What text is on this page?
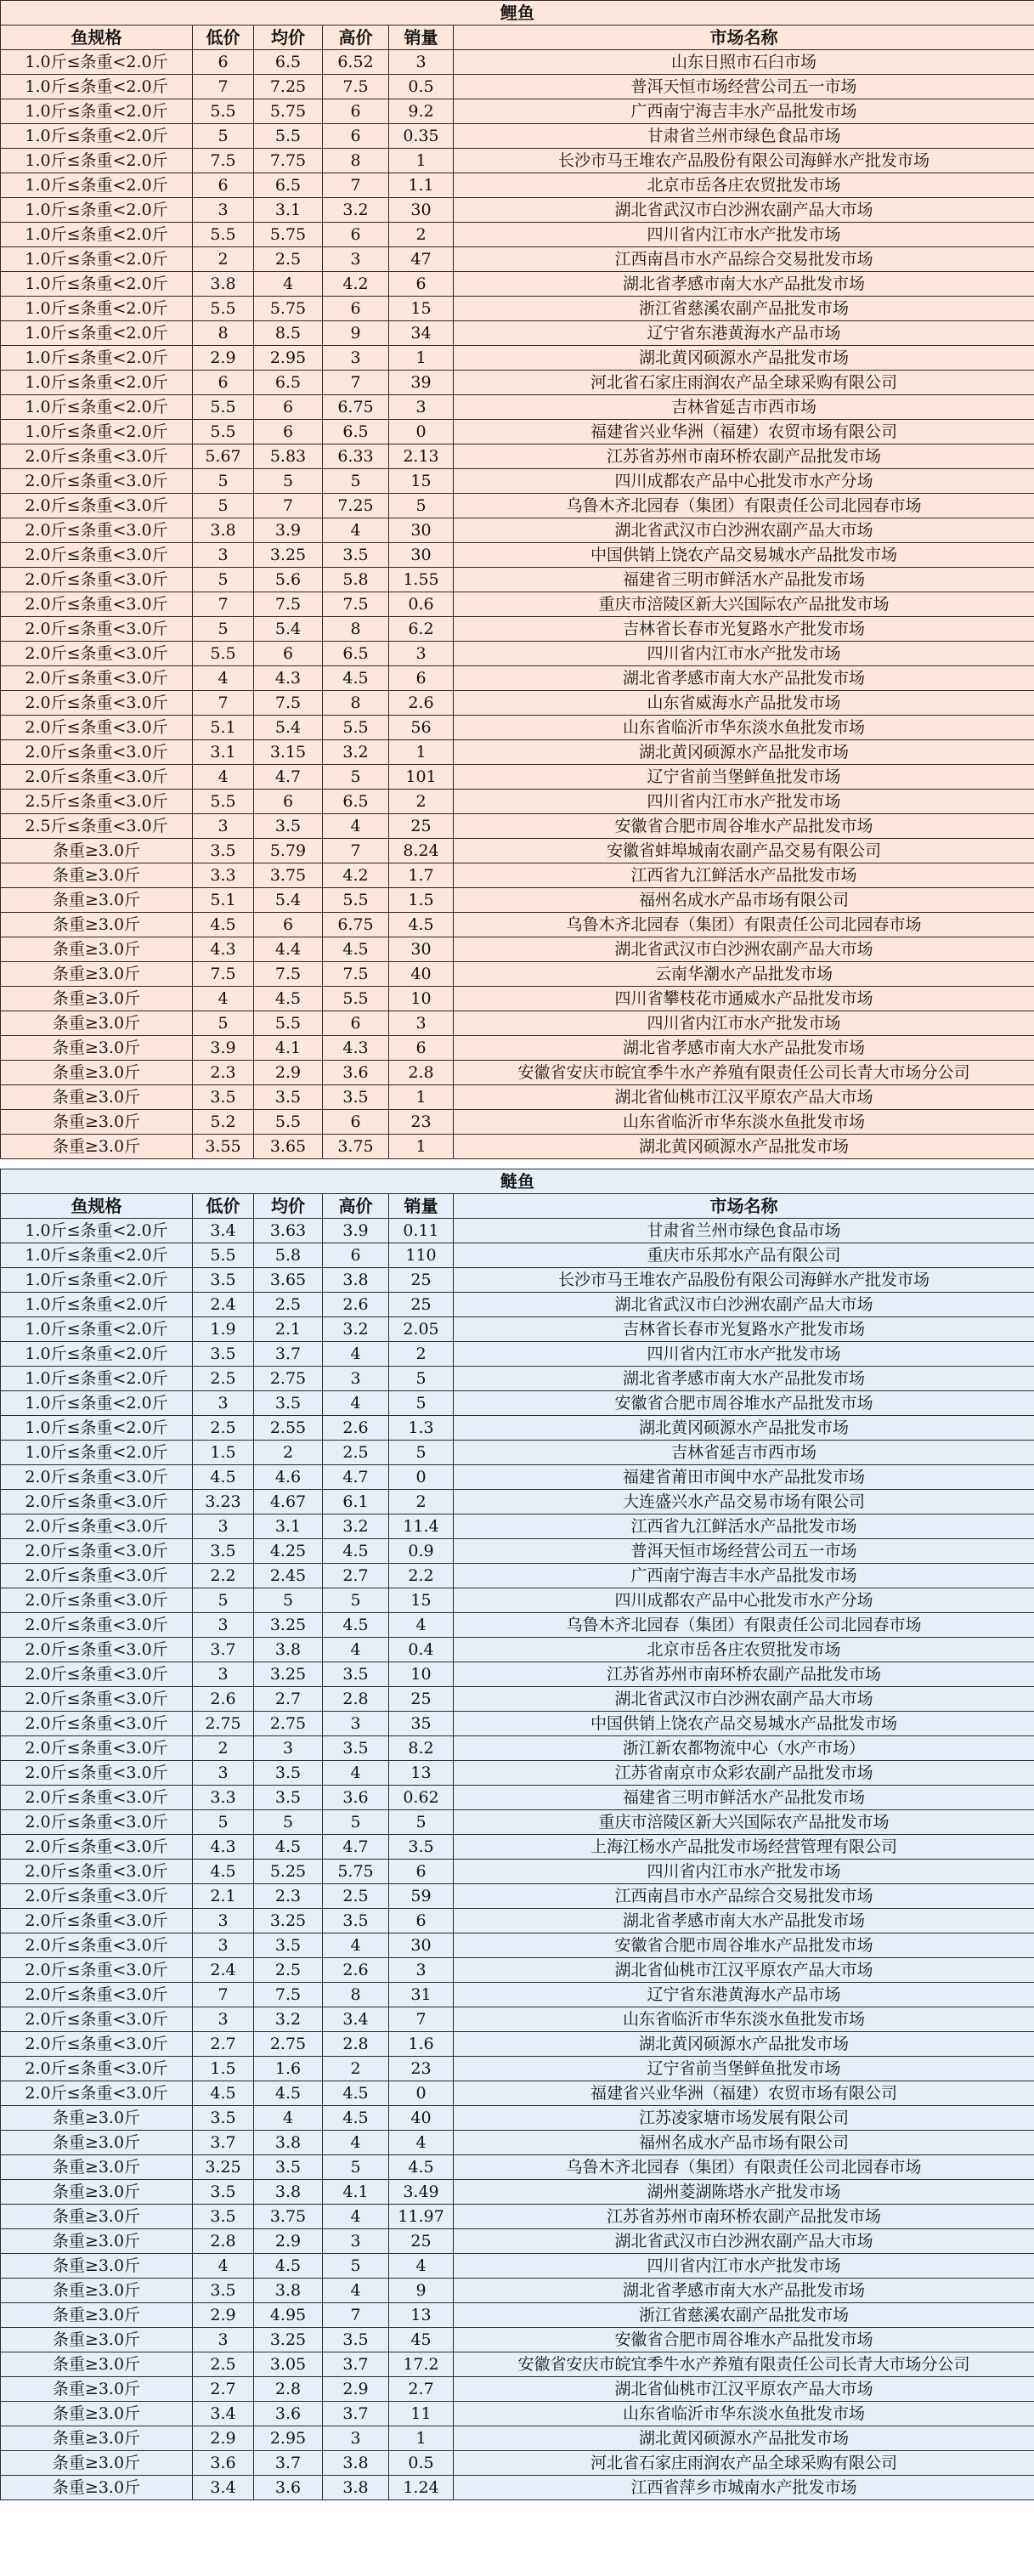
鲤鱼					
鱼规格	低价	均价	高价	销量	市场名称
1.0斤≤条重<2.0斤	6	6.5	6.52	3	山东日照市石臼市场
1.0斤≤条重<2.0斤	7	7.25	7.5	0.5	普洱天恒市场经营公司五一市场
1.0斤≤条重<2.0斤	5.5	5.75	6	9.2	广西南宁海吉丰水产品批发市场
1.0斤≤条重<2.0斤	5	5.5	6	0.35	甘肃省兰州市绿色食品市场
1.0斤≤条重<2.0斤	7.5	7.75	8	1	长沙市马王堆农产品股份有限公司海鲜水产批发市场
1.0斤≤条重<2.0斤	6	6.5	7	1.1	北京市岳各庄农贸批发市场
1.0斤≤条重<2.0斤	3	3.1	3.2	30	湖北省武汉市白沙洲农副产品大市场
1.0斤≤条重<2.0斤	5.5	5.75	6	2	四川省内江市水产批发市场
1.0斤≤条重<2.0斤	2	2.5	3	47	江西南昌市水产品综合交易批发市场
1.0斤≤条重<2.0斤	3.8	4	4.2	6	湖北省孝感市南大水产品批发市场
1.0斤≤条重<2.0斤	5.5	5.75	6	15	浙江省慈溪农副产品批发市场
1.0斤≤条重<2.0斤	8	8.5	9	34	辽宁省东港黄海水产品市场
1.0斤≤条重<2.0斤	2.9	2.95	3	1	湖北黄冈硕源水产品批发市场
1.0斤≤条重<2.0斤	6	6.5	7	39	河北省石家庄雨润农产品全球采购有限公司
1.0斤≤条重<2.0斤	5.5	6	6.75	3	吉林省延吉市西市场
1.0斤≤条重<2.0斤	5.5	6	6.5	0	福建省兴业华洲（福建）农贸市场有限公司
2.0斤≤条重<3.0斤	5.67	5.83	6.33	2.13	江苏省苏州市南环桥农副产品批发市场
2.0斤≤条重<3.0斤	5	5	5	15	四川成都农产品中心批发市水产分场
2.0斤≤条重<3.0斤	5	7	7.25	5	乌鲁木齐北园春（集团）有限责任公司北园春市场
2.0斤≤条重<3.0斤	3.8	3.9	4	30	湖北省武汉市白沙洲农副产品大市场
2.0斤≤条重<3.0斤	3	3.25	3.5	30	中国供销上饶农产品交易城水产品批发市场
2.0斤≤条重<3.0斤	5	5.6	5.8	1.55	福建省三明市鲜活水产品批发市场
2.0斤≤条重<3.0斤	7	7.5	7.5	0.6	重庆市涪陵区新大兴国际农产品批发市场
2.0斤≤条重<3.0斤	5	5.4	8	6.2	吉林省长春市光复路水产批发市场
2.0斤≤条重<3.0斤	5.5	6	6.5	3	四川省内江市水产批发市场
2.0斤≤条重<3.0斤	4	4.3	4.5	6	湖北省孝感市南大水产品批发市场
2.0斤≤条重<3.0斤	7	7.5	8	2.6	山东省威海水产品批发市场
2.0斤≤条重<3.0斤	5.1	5.4	5.5	56	山东省临沂市华东淡水鱼批发市场
2.0斤≤条重<3.0斤	3.1	3.15	3.2	1	湖北黄冈硕源水产品批发市场
2.0斤≤条重<3.0斤	4	4.7	5	101	辽宁省前当堡鲜鱼批发市场
2.5斤≤条重<3.0斤	5.5	6	6.5	2	四川省内江市水产批发市场
2.5斤≤条重<3.0斤	3	3.5	4	25	安徽省合肥市周谷堆水产品批发市场
条重≥3.0斤	3.5	5.79	7	8.24	安徽省蚌埠城南农副产品交易有限公司
条重≥3.0斤	3.3	3.75	4.2	1.7	江西省九江鲜活水产品批发市场
条重≥3.0斤	5.1	5.4	5.5	1.5	福州名成水产品市场有限公司
条重≥3.0斤	4.5	6	6.75	4.5	乌鲁木齐北园春（集团）有限责任公司北园春市场
条重≥3.0斤	4.3	4.4	4.5	30	湖北省武汉市白沙洲农副产品大市场
条重≥3.0斤	7.5	7.5	7.5	40	云南华潮水产品批发市场
条重≥3.0斤	4	4.5	5.5	10	四川省攀枝花市通威水产品批发市场
条重≥3.0斤	5	5.5	6	3	四川省内江市水产批发市场
条重≥3.0斤	3.9	4.1	4.3	6	湖北省孝感市南大水产品批发市场
条重≥3.0斤	2.3	2.9	3.6	2.8	安徽省安庆市皖宜季牛水产养殖有限责任公司长青大市场分公司
条重≥3.0斤	3.5	3.5	3.5	1	湖北省仙桃市江汉平原农产品大市场
条重≥3.0斤	5.2	5.5	6	23	山东省临沂市华东淡水鱼批发市场
条重≥3.0斤	3.55	3.65	3.75	1	湖北黄冈硕源水产品批发市场

鲢鱼					
鱼规格	低价	均价	高价	销量	市场名称
1.0斤≤条重<2.0斤	3.4	3.63	3.9	0.11	甘肃省兰州市绿色食品市场
1.0斤≤条重<2.0斤	5.5	5.8	6	110	重庆市乐邦水产品有限公司
1.0斤≤条重<2.0斤	3.5	3.65	3.8	25	长沙市马王堆农产品股份有限公司海鲜水产批发市场
1.0斤≤条重<2.0斤	2.4	2.5	2.6	25	湖北省武汉市白沙洲农副产品大市场
1.0斤≤条重<2.0斤	1.9	2.1	3.2	2.05	吉林省长春市光复路水产批发市场
1.0斤≤条重<2.0斤	3.5	3.7	4	2	四川省内江市水产批发市场
1.0斤≤条重<2.0斤	2.5	2.75	3	5	湖北省孝感市南大水产品批发市场
1.0斤≤条重<2.0斤	3	3.5	4	5	安徽省合肥市周谷堆水产品批发市场
1.0斤≤条重<2.0斤	2.5	2.55	2.6	1.3	湖北黄冈硕源水产品批发市场
1.0斤≤条重<2.0斤	1.5	2	2.5	5	吉林省延吉市西市场
2.0斤≤条重<3.0斤	4.5	4.6	4.7	0	福建省莆田市闽中水产品批发市场
2.0斤≤条重<3.0斤	3.23	4.67	6.1	2	大连盛兴水产品交易市场有限公司
2.0斤≤条重<3.0斤	3	3.1	3.2	11.4	江西省九江鲜活水产品批发市场
2.0斤≤条重<3.0斤	3.5	4.25	4.5	0.9	普洱天恒市场经营公司五一市场
2.0斤≤条重<3.0斤	2.2	2.45	2.7	2.2	广西南宁海吉丰水产品批发市场
2.0斤≤条重<3.0斤	5	5	5	15	四川成都农产品中心批发市水产分场
2.0斤≤条重<3.0斤	3	3.25	4.5	4	乌鲁木齐北园春（集团）有限责任公司北园春市场
2.0斤≤条重<3.0斤	3.7	3.8	4	0.4	北京市岳各庄农贸批发市场
2.0斤≤条重<3.0斤	3	3.25	3.5	10	江苏省苏州市南环桥农副产品批发市场
2.0斤≤条重<3.0斤	2.6	2.7	2.8	25	湖北省武汉市白沙洲农副产品大市场
2.0斤≤条重<3.0斤	2.75	2.75	3	35	中国供销上饶农产品交易城水产品批发市场
2.0斤≤条重<3.0斤	2	3	3.5	8.2	浙江新农都物流中心（水产市场）
2.0斤≤条重<3.0斤	3	3.5	4	13	江苏省南京市众彩农副产品批发市场
2.0斤≤条重<3.0斤	3.3	3.5	3.6	0.62	福建省三明市鲜活水产品批发市场
2.0斤≤条重<3.0斤	5	5	5	5	重庆市涪陵区新大兴国际农产品批发市场
2.0斤≤条重<3.0斤	4.3	4.5	4.7	3.5	上海江杨水产品批发市场经营管理有限公司
2.0斤≤条重<3.0斤	4.5	5.25	5.75	6	四川省内江市水产批发市场
2.0斤≤条重<3.0斤	2.1	2.3	2.5	59	江西南昌市水产品综合交易批发市场
2.0斤≤条重<3.0斤	3	3.25	3.5	6	湖北省孝感市南大水产品批发市场
2.0斤≤条重<3.0斤	3	3.5	4	30	安徽省合肥市周谷堆水产品批发市场
2.0斤≤条重<3.0斤	2.4	2.5	2.6	3	湖北省仙桃市江汉平原农产品大市场
2.0斤≤条重<3.0斤	7	7.5	8	31	辽宁省东港黄海水产品市场
2.0斤≤条重<3.0斤	3	3.2	3.4	7	山东省临沂市华东淡水鱼批发市场
2.0斤≤条重<3.0斤	2.7	2.75	2.8	1.6	湖北黄冈硕源水产品批发市场
2.0斤≤条重<3.0斤	1.5	1.6	2	23	辽宁省前当堡鲜鱼批发市场
2.0斤≤条重<3.0斤	4.5	4.5	4.5	0	福建省兴业华洲（福建）农贸市场有限公司
条重≥3.0斤	3.5	4	4.5	40	江苏凌家塘市场发展有限公司
条重≥3.0斤	3.7	3.8	4	4	福州名成水产品市场有限公司
条重≥3.0斤	3.25	3.5	5	4.5	乌鲁木齐北园春（集团）有限责任公司北园春市场
条重≥3.0斤	3.5	3.8	4.1	3.49	湖州菱湖陈塔水产批发市场
条重≥3.0斤	3.5	3.75	4	11.97	江苏省苏州市南环桥农副产品批发市场
条重≥3.0斤	2.8	2.9	3	25	湖北省武汉市白沙洲农副产品大市场
条重≥3.0斤	4	4.5	5	4	四川省内江市水产批发市场
条重≥3.0斤	3.5	3.8	4	9	湖北省孝感市南大水产品批发市场
条重≥3.0斤	2.9	4.95	7	13	浙江省慈溪农副产品批发市场
条重≥3.0斤	3	3.25	3.5	45	安徽省合肥市周谷堆水产品批发市场
条重≥3.0斤	2.5	3.05	3.7	17.2	安徽省安庆市皖宜季牛水产养殖有限责任公司长青大市场分公司
条重≥3.0斤	2.7	2.8	2.9	2.7	湖北省仙桃市江汉平原农产品大市场
条重≥3.0斤	3.4	3.6	3.7	11	山东省临沂市华东淡水鱼批发市场
条重≥3.0斤	2.9	2.95	3	1	湖北黄冈硕源水产品批发市场
条重≥3.0斤	3.6	3.7	3.8	0.5	河北省石家庄雨润农产品全球采购有限公司
条重≥3.0斤	3.4	3.6	3.8	1.24	江西省萍乡市城南水产批发市场
